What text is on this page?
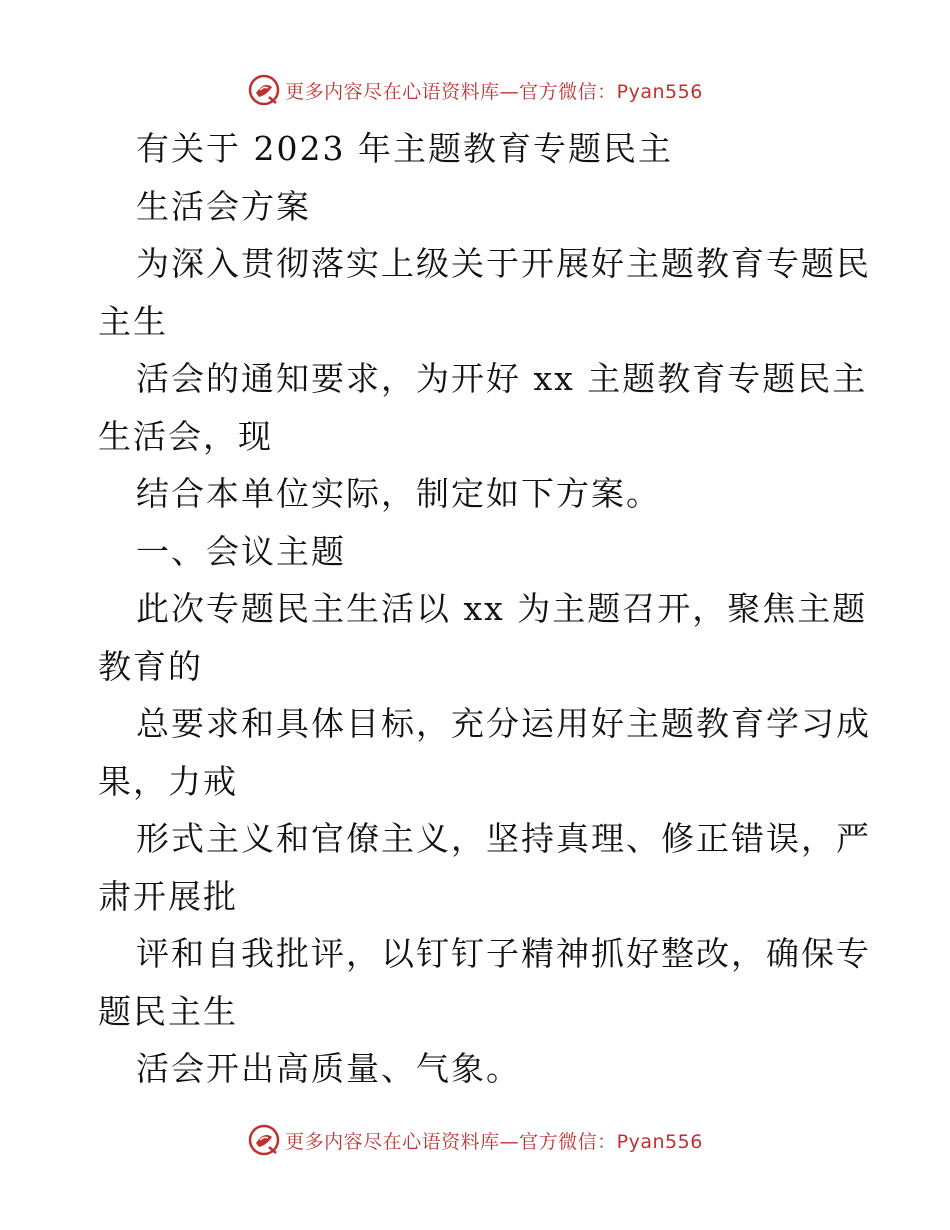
更多内容尽在心语资料库—官方微信：Pyan556
有关于 2023 年主题教育专题民主
生活会方案
为深入贯彻落实上级关于开展好主题教育专题民
主生
活会的通知要求，为开好 xx 主题教育专题民主
生活会，现
结合本单位实际，制定如下方案。
一、会议主题
此次专题民主生活以 xx 为主题召开，聚焦主题
教育的
总要求和具体目标，充分运用好主题教育学习成
果，力戒
形式主义和官僚主义，坚持真理、修正错误，严
肃开展批
评和自我批评，以钉钉子精神抓好整改，确保专
题民主生
活会开出高质量、气象。
更多内容尽在心语资料库—官方微信：Pyan556
